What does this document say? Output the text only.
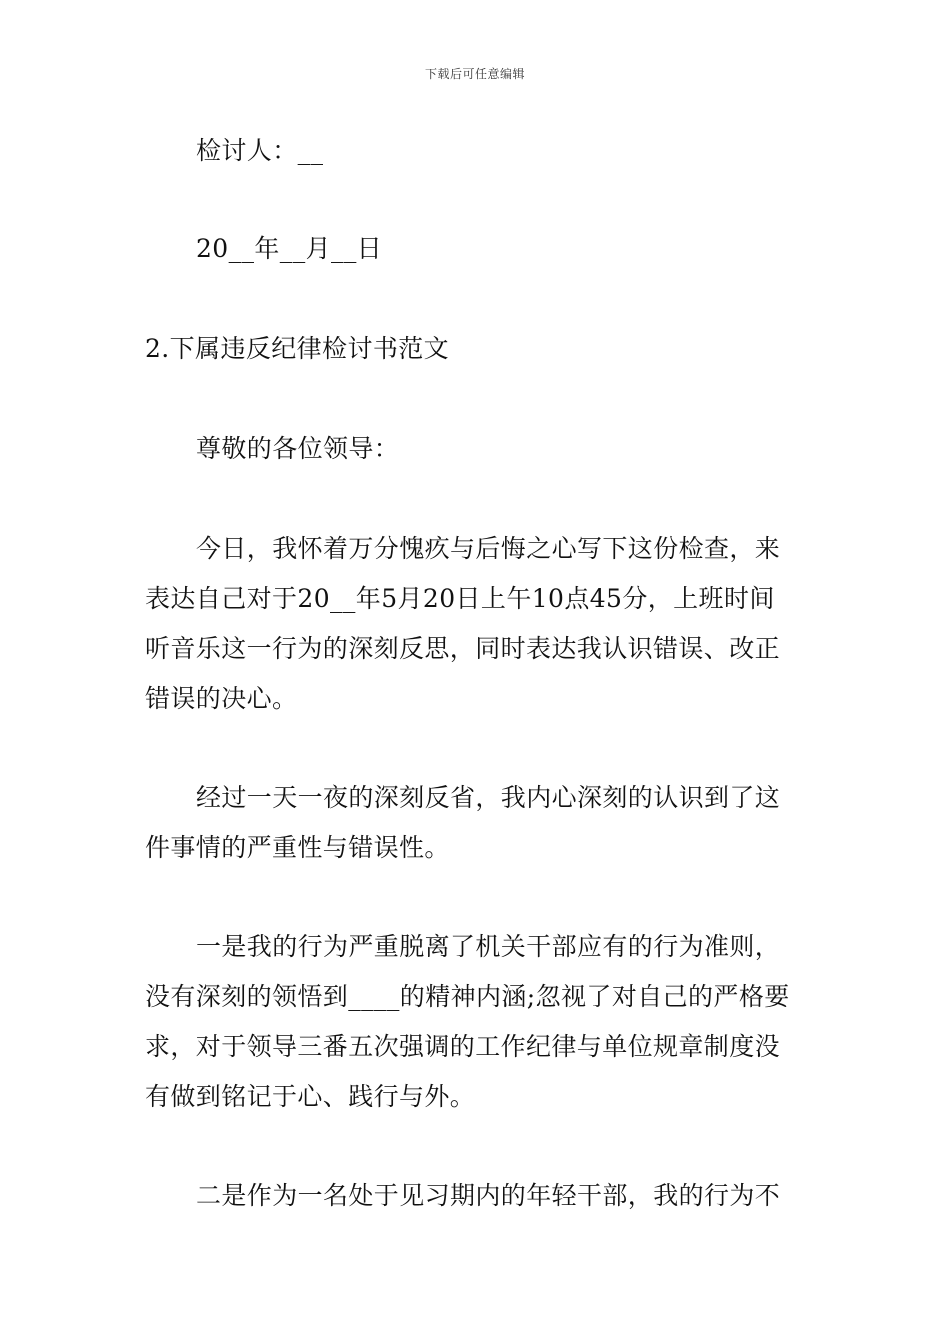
下载后可任意编辑
检讨人：__
20__年__月__日
2.下属违反纪律检讨书范文
尊敬的各位领导：

今日，我怀着万分愧疚与后悔之心写下这份检查，来

表达自己对于20__年5月20日上午10点45分，上班时间

听音乐这一行为的深刻反思，同时表达我认识错误、改正

错误的决心。

经过一天一夜的深刻反省，我内心深刻的认识到了这

件事情的严重性与错误性。

一是我的行为严重脱离了机关干部应有的行为准则，

没有深刻的领悟到____的精神内涵;忽视了对自己的严格要

求，对于领导三番五次强调的工作纪律与单位规章制度没

有做到铭记于心、践行与外。

二是作为一名处于见习期内的年轻干部，我的行为不
